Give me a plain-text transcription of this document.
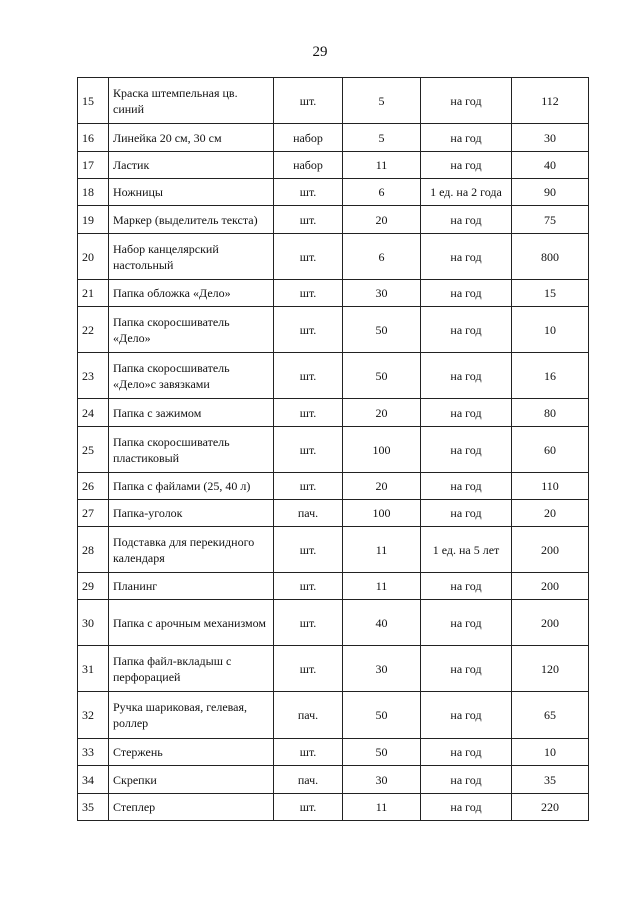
29
15	Краска штемпельная цв. синий	шт.	5	на год	112
16	Линейка 20 см, 30 см	набор	5	на год	30
17	Ластик	набор	11	на год	40
18	Ножницы	шт.	6	1 ед. на 2 года	90
19	Маркер (выделитель текста)	шт.	20	на год	75
20	Набор канцелярский настольный	шт.	6	на год	800
21	Папка обложка «Дело»	шт.	30	на год	15
22	Папка скоросшиватель «Дело»	шт.	50	на год	10
23	Папка скоросшиватель «Дело»с завязками	шт.	50	на год	16
24	Папка с зажимом	шт.	20	на год	80
25	Папка скоросшиватель пластиковый	шт.	100	на год	60
26	Папка с файлами (25, 40 л)	шт.	20	на год	110
27	Папка-уголок	пач.	100	на год	20
28	Подставка для перекидного календаря	шт.	11	1 ед. на 5 лет	200
29	Планинг	шт.	11	на год	200
30	Папка с арочным механизмом	шт.	40	на год	200
31	Папка файл-вкладыш с перфорацией	шт.	30	на год	120
32	Ручка шариковая, гелевая, роллер	пач.	50	на год	65
33	Стержень	шт.	50	на год	10
34	Скрепки	пач.	30	на год	35
35	Степлер	шт.	11	на год	220
